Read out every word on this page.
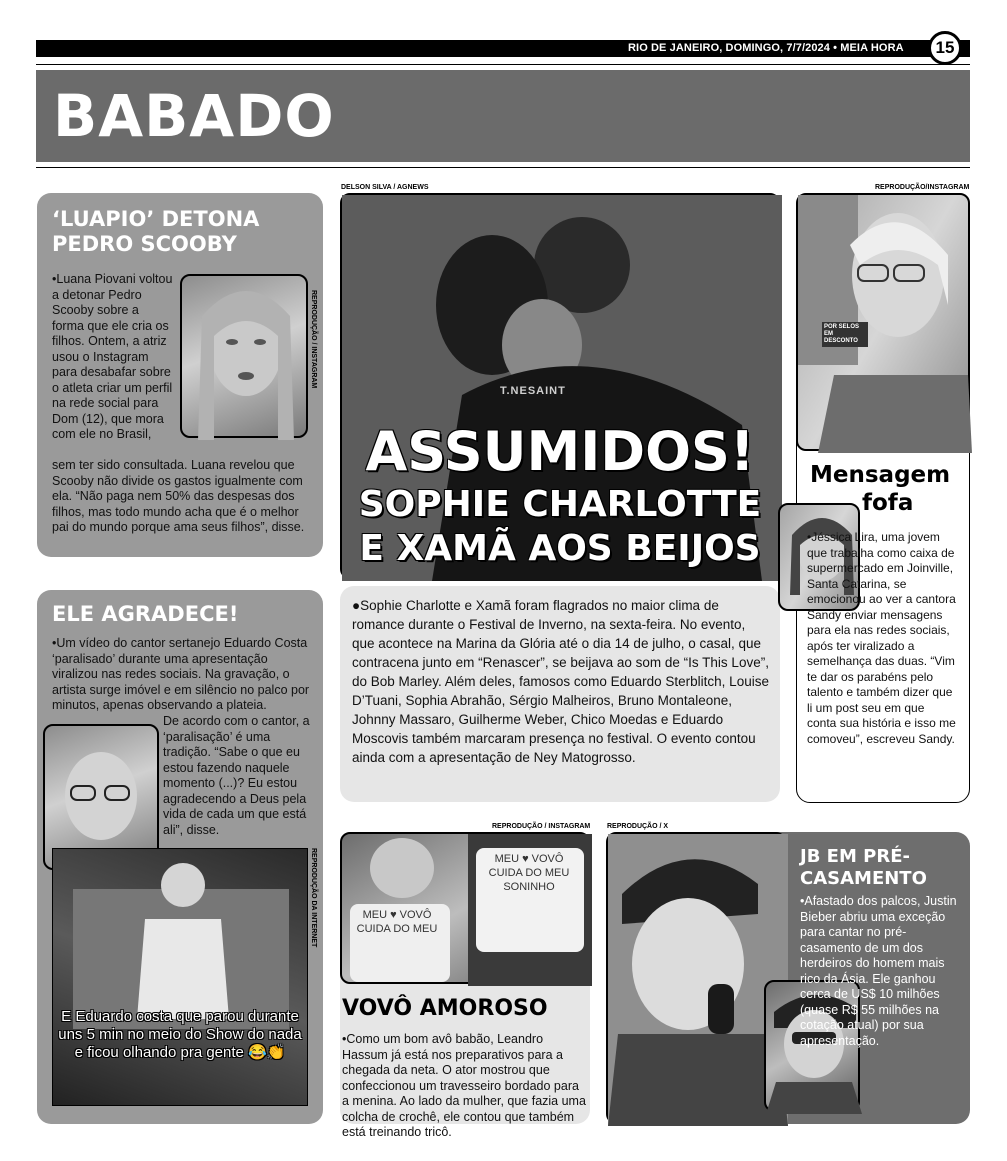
RIO DE JANEIRO, DOMINGO, 7/7/2024 • MEIA HORA	15
BABADO
‘LUAPIO’ DETONA
PEDRO SCOOBY
•Luana Piovani voltou a detonar Pedro Scooby sobre a forma que ele cria os filhos. Ontem, a atriz usou o Instagram para desabafar sobre o atleta criar um perfil na rede social para Dom (12), que mora com ele no Brasil,
REPRODUÇÃO / INSTAGRAM
sem ter sido consultada. Luana revelou que Scooby não divide os gastos igualmente com ela. “Não paga nem 50% das despesas dos filhos, mas todo mundo acha que é o melhor pai do mundo porque ama seus filhos”, disse.
ELE AGRADECE!
•Um vídeo do cantor sertanejo Eduardo Costa ‘paralisado’ durante uma apresentação viralizou nas redes sociais. Na gravação, o artista surge imóvel e em silêncio no palco por minutos, apenas observando a plateia.
De acordo com o cantor, a ‘paralisação’ é uma tradição. “Sabe o que eu estou fazendo naquele momento (...)? Eu estou agradecendo a Deus pela vida de cada um que está ali”, disse.
REPRODUÇÃO DA INTERNET
E Eduardo costa que parou durante uns 5 min no meio do Show do nada e ficou olhando pra gente 😂👏
DELSON SILVA / AGNEWS
T.NESAINT
ASSUMIDOS!
SOPHIE CHARLOTTE
E XAMÃ AOS BEIJOS
●Sophie Charlotte e Xamã foram flagrados no maior clima de romance durante o Festival de Inverno, na sexta-feira. No evento, que acontece na Marina da Glória até o dia 14 de julho, o casal, que contracena junto em “Renascer”, se beijava ao som de “Is This Love”, do Bob Marley. Além deles, famosos como Eduardo Sterblitch, Louise D’Tuani, Sophia Abrahão, Sérgio Malheiros, Bruno Montaleone, Johnny Massaro, Guilherme Weber, Chico Moedas e Eduardo Moscovis também marcaram presença no festival. O evento contou ainda com a apresentação de Ney Matogrosso.
REPRODUÇÃO/INSTAGRAM
POR SELOS EM DESCONTO
Mensagem
fofa
•Jéssica Lira, uma jovem que trabalha como caixa de supermercado em Joinville, Santa Catarina, se emocionou ao ver a cantora Sandy enviar mensagens para ela nas redes sociais, após ter viralizado a semelhança das duas. “Vim te dar os parabéns pelo talento e também dizer que li um post seu em que conta sua história e isso me comoveu”, escreveu Sandy.
REPRODUÇÃO / INSTAGRAM
MEU ♥ VOVÔ CUIDA DO MEU
MEU ♥ VOVÔ CUIDA DO MEU SONINHO
VOVÔ AMOROSO
•Como um bom avô babão, Leandro Hassum já está nos preparativos para a chegada da neta. O ator mostrou que confeccionou um travesseiro bordado para a menina. Ao lado da mulher, que fazia uma colcha de crochê, ele contou que também está treinando tricô.
REPRODUÇÃO / X
JB EM PRÉ-
CASAMENTO
•Afastado dos palcos, Justin Bieber abriu uma exceção para cantar no pré-casamento de um dos herdeiros do homem mais rico da Ásia. Ele ganhou cerca de US$ 10 milhões (quase R$ 55 milhões na cotação atual) por sua apresentação.
